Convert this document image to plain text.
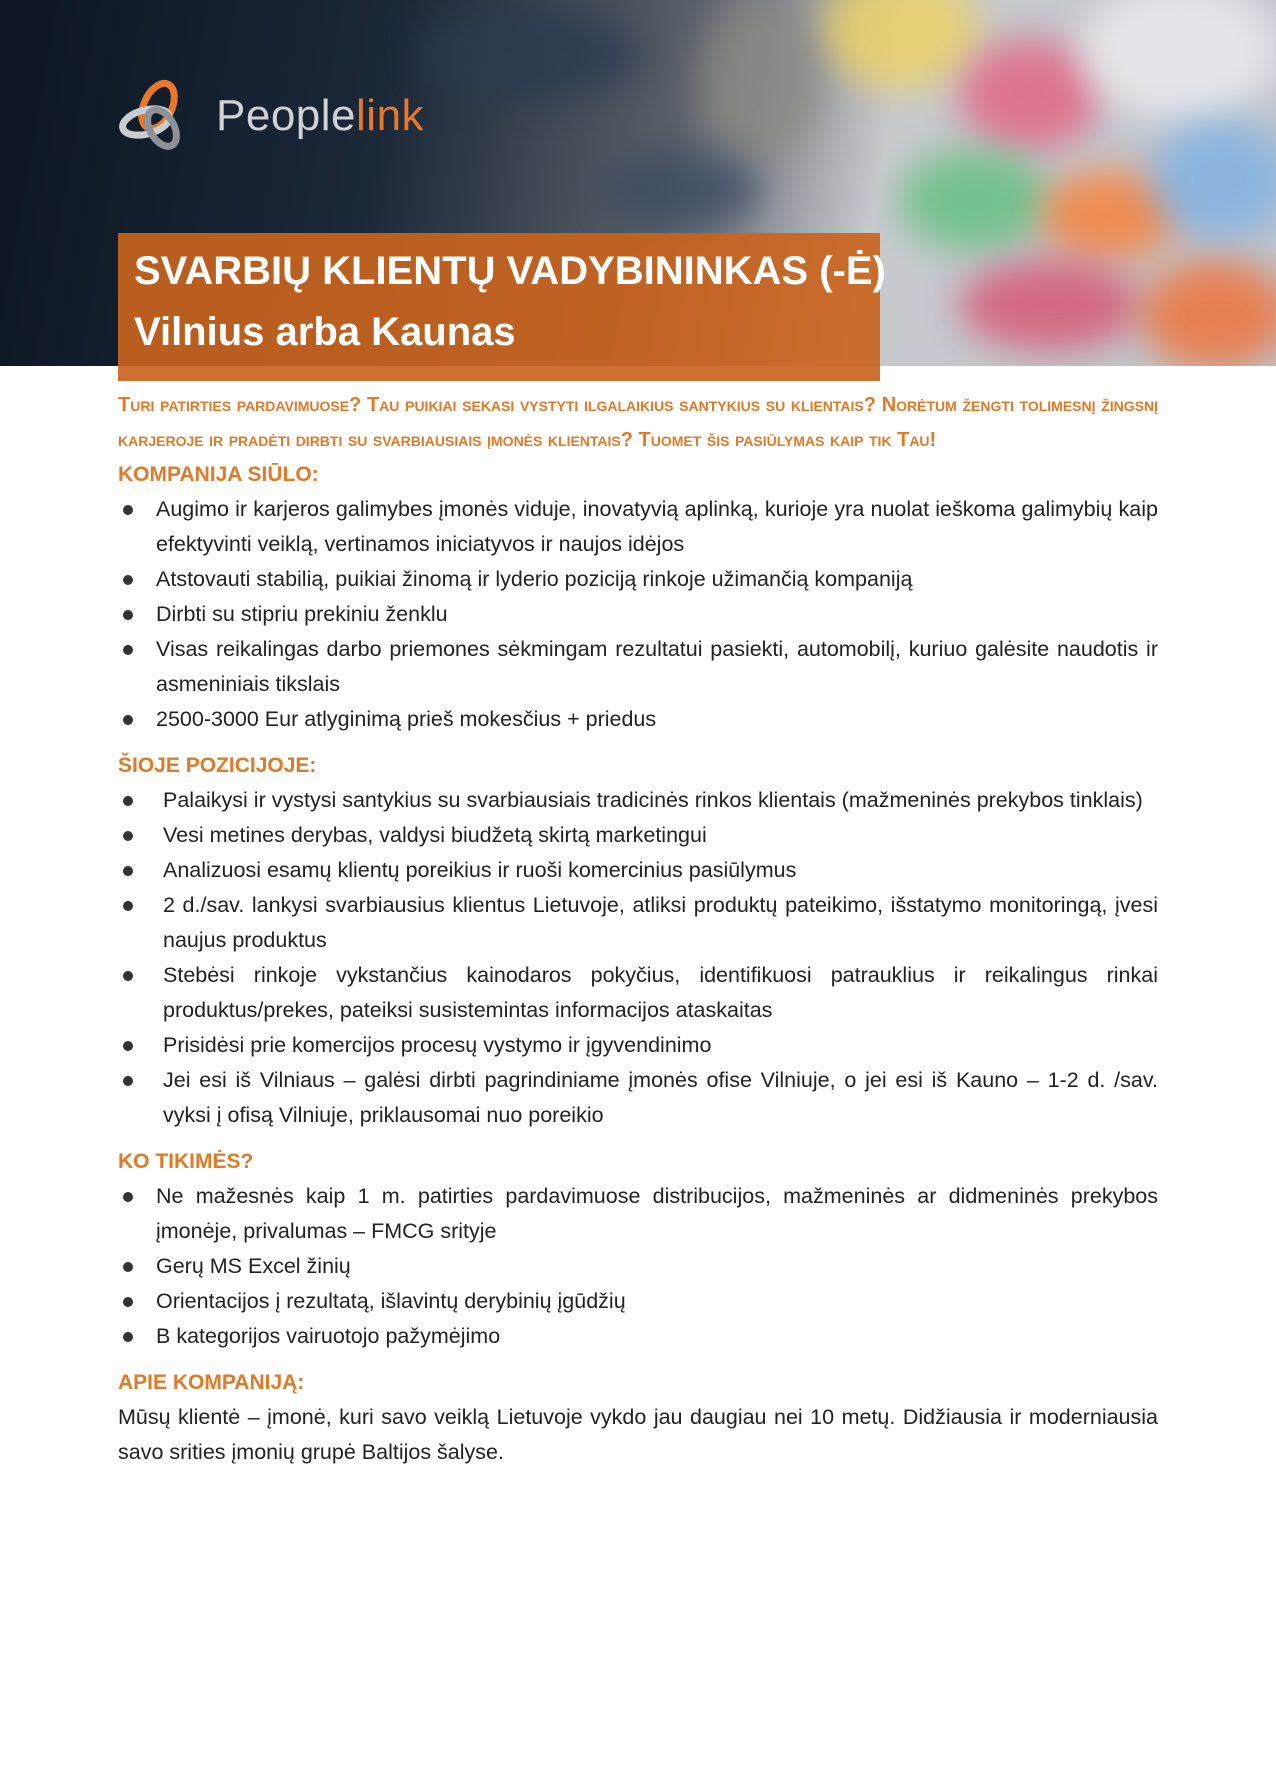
Peoplelink
SVARBIŲ KLIENTŲ VADYBININKAS (-Ė)
Vilnius arba Kaunas

Turi patirties pardavimuose? Tau puikiai sekasi vystyti ilgalaikius santykius su klientais? Norėtum žengti tolimesnį žingsnį karjeroje ir pradėti dirbti su svarbiausiais įmonės klientais? Tuomet šis pasiūlymas kaip tik Tau!

KOMPANIJA SIŪLO:
Augimo ir karjeros galimybes įmonės viduje, inovatyvią aplinką, kurioje yra nuolat ieškoma galimybių kaip efektyvinti veiklą, vertinamos iniciatyvos ir naujos idėjos
Atstovauti stabilią, puikiai žinomą ir lyderio poziciją rinkoje užimančią kompaniją
Dirbti su stipriu prekiniu ženklu
Visas reikalingas darbo priemones sėkmingam rezultatui pasiekti, automobilį, kuriuo galėsite naudotis ir asmeniniais tikslais
2500-3000 Eur atlyginimą prieš mokesčius + priedus
ŠIOJE POZICIJOJE:
Palaikysi ir vystysi santykius su svarbiausiais tradicinės rinkos klientais (mažmeninės prekybos tinklais)
Vesi metines derybas, valdysi biudžetą skirtą marketingui
Analizuosi esamų klientų poreikius ir ruoši komercinius pasiūlymus
2 d./sav. lankysi svarbiausius klientus Lietuvoje, atliksi produktų pateikimo, išstatymo monitoringą, įvesi naujus produktus
Stebėsi rinkoje vykstančius kainodaros pokyčius, identifikuosi patrauklius ir reikalingus rinkai produktus/prekes, pateiksi susistemintas informacijos ataskaitas
Prisidėsi prie komercijos procesų vystymo ir įgyvendinimo
Jei esi iš Vilniaus – galėsi dirbti pagrindiniame įmonės ofise Vilniuje, o jei esi iš Kauno – 1-2 d. /sav. vyksi į ofisą Vilniuje, priklausomai nuo poreikio
KO TIKIMĖS?
Ne mažesnės kaip 1 m. patirties pardavimuose distribucijos, mažmeninės ar didmeninės prekybos įmonėje, privalumas – FMCG srityje
Gerų MS Excel žinių
Orientacijos į rezultatą, išlavintų derybinių įgūdžių
B kategorijos vairuotojo pažymėjimo
APIE KOMPANIJĄ:

Mūsų klientė – įmonė, kuri savo veiklą Lietuvoje vykdo jau daugiau nei 10 metų. Didžiausia ir moderniausia savo srities įmonių grupė Baltijos šalyse.
